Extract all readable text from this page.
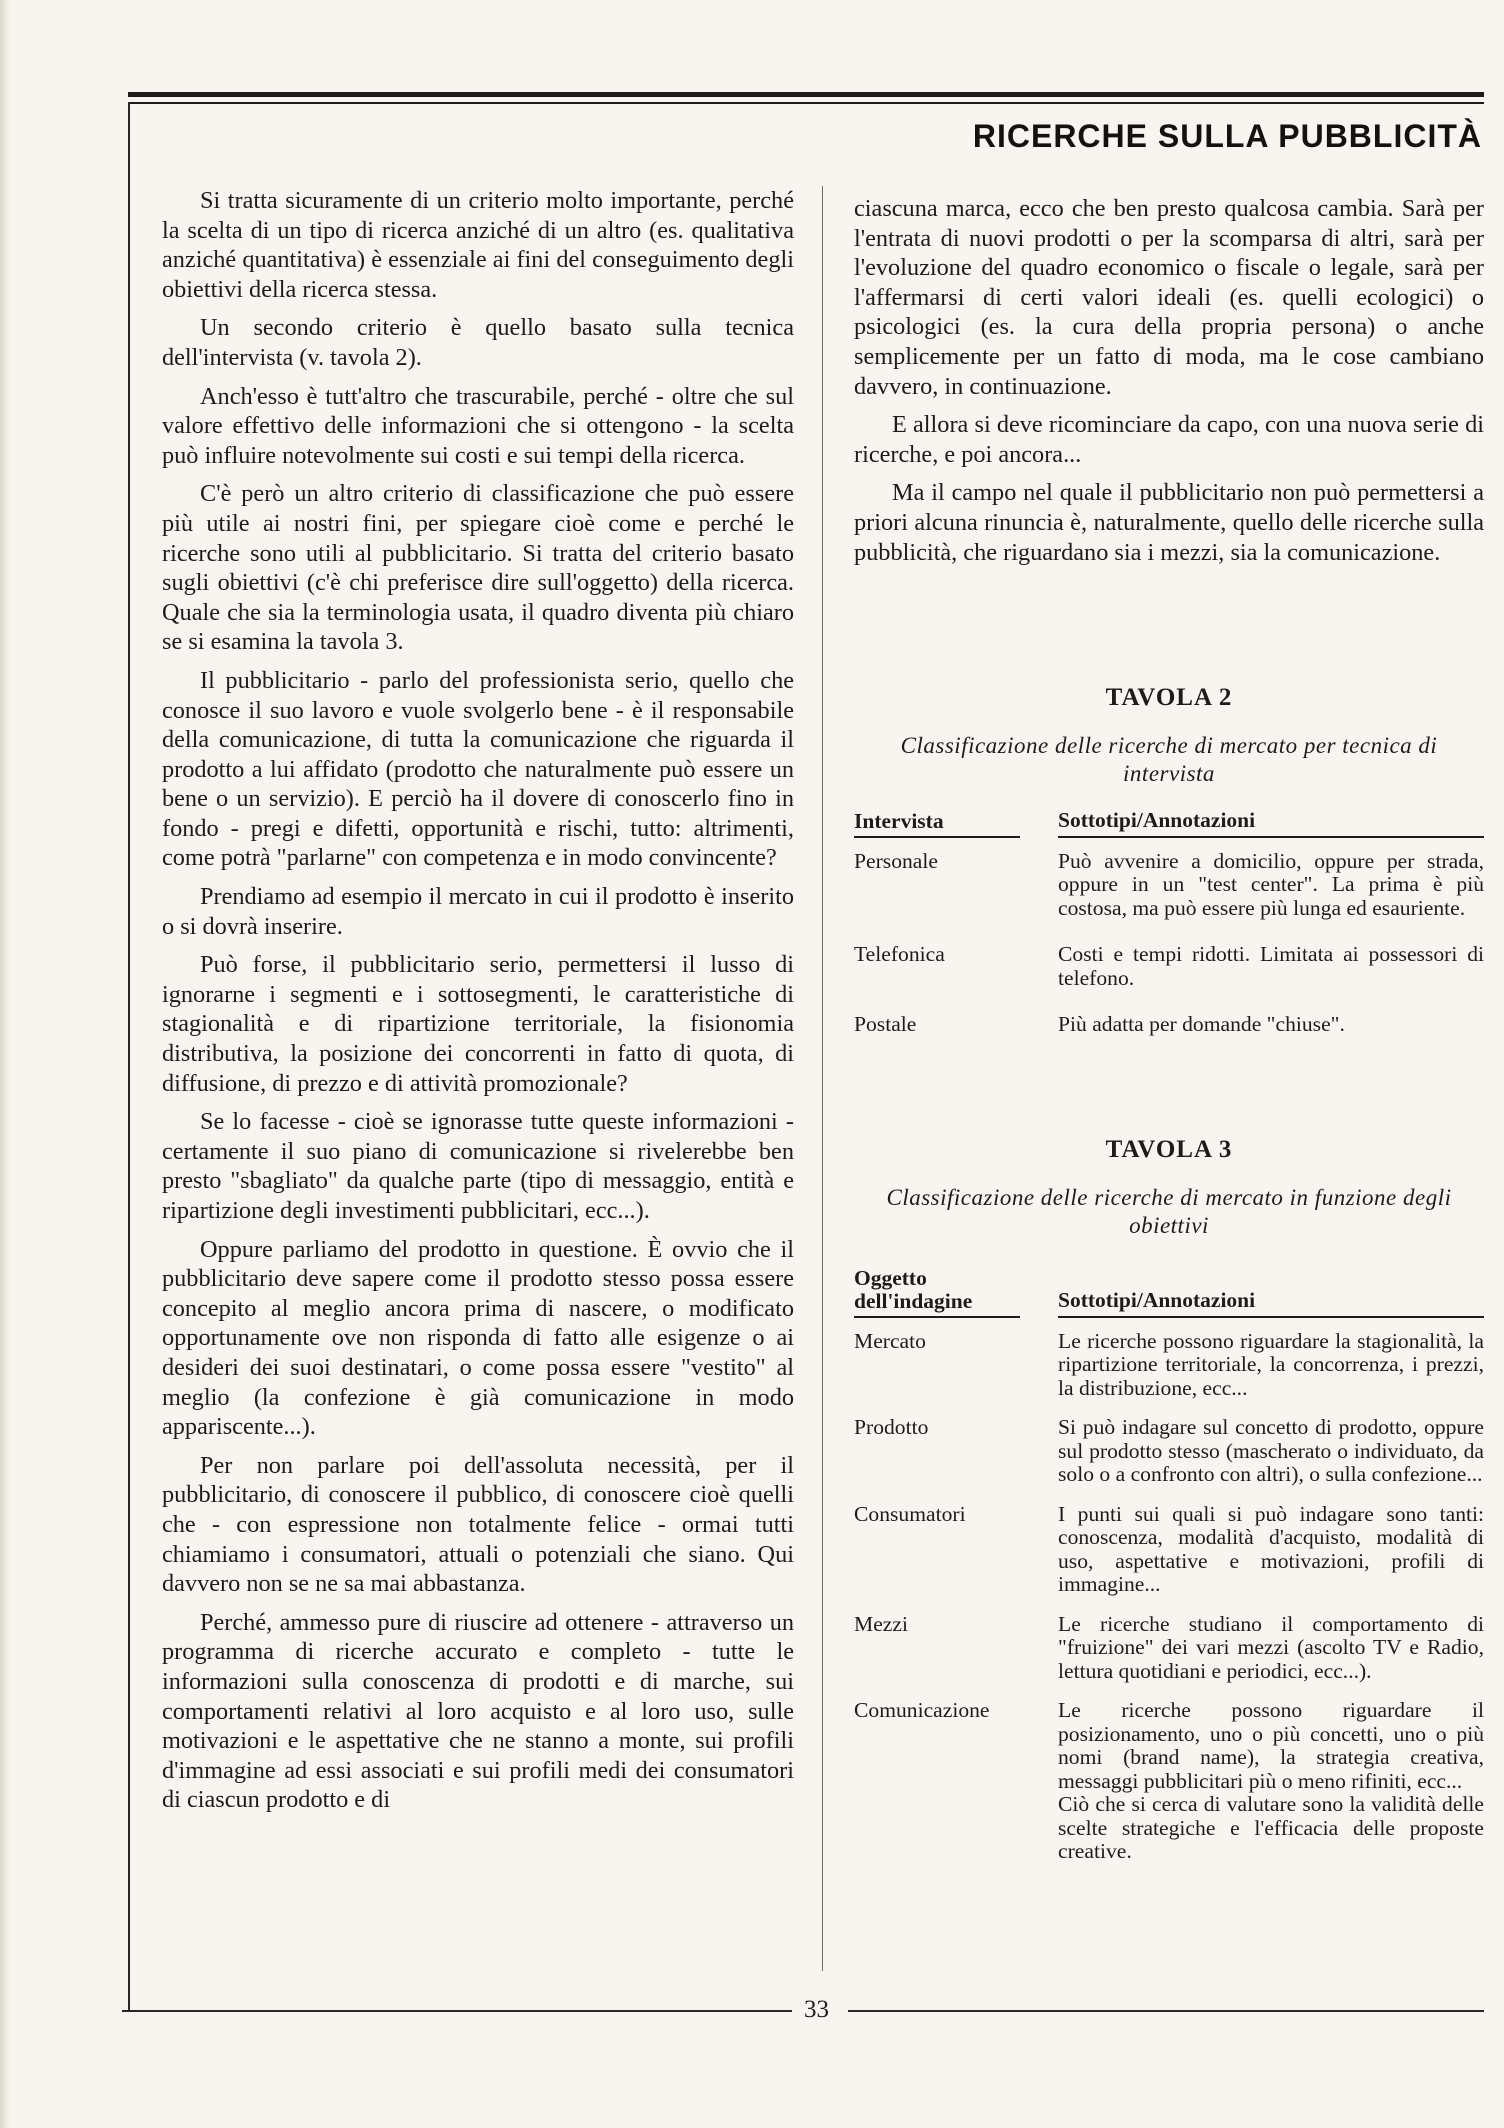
RICERCHE SULLA PUBBLICITÀ

Si tratta sicuramente di un criterio molto importante, perché la scelta di un tipo di ricerca anziché di un altro (es. qualitativa anziché quantitativa) è essenziale ai fini del conseguimento degli obiettivi della ricerca stessa.

Un secondo criterio è quello basato sulla tecnica dell'intervista (v. tavola 2).

Anch'esso è tutt'altro che trascurabile, perché - oltre che sul valore effettivo delle informazioni che si ottengono - la scelta può influire notevolmente sui costi e sui tempi della ricerca.

C'è però un altro criterio di classificazione che può essere più utile ai nostri fini, per spiegare cioè come e perché le ricerche sono utili al pubblicitario. Si tratta del criterio basato sugli obiettivi (c'è chi preferisce dire sull'oggetto) della ricerca. Quale che sia la terminologia usata, il quadro diventa più chiaro se si esamina la tavola 3.

Il pubblicitario - parlo del professionista serio, quello che conosce il suo lavoro e vuole svolgerlo bene - è il responsabile della comunicazione, di tutta la comunicazione che riguarda il prodotto a lui affidato (prodotto che naturalmente può essere un bene o un servizio). E perciò ha il dovere di conoscerlo fino in fondo - pregi e difetti, opportunità e rischi, tutto: altrimenti, come potrà "parlarne" con competenza e in modo convincente?

Prendiamo ad esempio il mercato in cui il prodotto è inserito o si dovrà inserire.

Può forse, il pubblicitario serio, permettersi il lusso di ignorarne i segmenti e i sottosegmenti, le caratteristiche di stagionalità e di ripartizione territoriale, la fisionomia distributiva, la posizione dei concorrenti in fatto di quota, di diffusione, di prezzo e di attività promozionale?

Se lo facesse - cioè se ignorasse tutte queste informazioni - certamente il suo piano di comunicazione si rivelerebbe ben presto "sbagliato" da qualche parte (tipo di messaggio, entità e ripartizione degli investimenti pubblicitari, ecc...).

Oppure parliamo del prodotto in questione. È ovvio che il pubblicitario deve sapere come il prodotto stesso possa essere concepito al meglio ancora prima di nascere, o modificato opportunamente ove non risponda di fatto alle esigenze o ai desideri dei suoi destinatari, o come possa essere "vestito" al meglio (la confezione è già comunicazione in modo appariscente...).

Per non parlare poi dell'assoluta necessità, per il pubblicitario, di conoscere il pubblico, di conoscere cioè quelli che - con espressione non totalmente felice - ormai tutti chiamiamo i consumatori, attuali o potenziali che siano. Qui davvero non se ne sa mai abbastanza.

Perché, ammesso pure di riuscire ad ottenere - attraverso un programma di ricerche accurato e completo - tutte le informazioni sulla conoscenza di prodotti e di marche, sui comportamenti relativi al loro acquisto e al loro uso, sulle motivazioni e le aspettative che ne stanno a monte, sui profili d'immagine ad essi associati e sui profili medi dei consumatori di ciascun prodotto e di

ciascuna marca, ecco che ben presto qualcosa cambia. Sarà per l'entrata di nuovi prodotti o per la scomparsa di altri, sarà per l'evoluzione del quadro economico o fiscale o legale, sarà per l'affermarsi di certi valori ideali (es. quelli ecologici) o psicologici (es. la cura della propria persona) o anche semplicemente per un fatto di moda, ma le cose cambiano davvero, in continuazione.

E allora si deve ricominciare da capo, con una nuova serie di ricerche, e poi ancora...

Ma il campo nel quale il pubblicitario non può permettersi a priori alcuna rinuncia è, naturalmente, quello delle ricerche sulla pubblicità, che riguardano sia i mezzi, sia la comunicazione.

TAVOLA 2

Classificazione delle ricerche di mercato per tecnica di intervista

Intervista	Sottotipi/Annotazioni
Personale	Può avvenire a domicilio, oppure per strada, oppure in un "test center". La prima è più costosa, ma può essere più lunga ed esauriente.
Telefonica	Costi e tempi ridotti. Limitata ai possessori di telefono.
Postale	Più adatta per domande "chiuse".

TAVOLA 3

Classificazione delle ricerche di mercato in funzione degli obiettivi

Oggetto dell'indagine	Sottotipi/Annotazioni
Mercato	Le ricerche possono riguardare la stagionalità, la ripartizione territoriale, la concorrenza, i prezzi, la distribuzione, ecc...
Prodotto	Si può indagare sul concetto di prodotto, oppure sul prodotto stesso (mascherato o individuato, da solo o a confronto con altri), o sulla confezione...
Consumatori	I punti sui quali si può indagare sono tanti: conoscenza, modalità d'acquisto, modalità di uso, aspettative e motivazioni, profili di immagine...
Mezzi	Le ricerche studiano il comportamento di "fruizione" dei vari mezzi (ascolto TV e Radio, lettura quotidiani e periodici, ecc...).
Comunicazione	Le ricerche possono riguardare il posizionamento, uno o più concetti, uno o più nomi (brand name), la strategia creativa, messaggi pubblicitari più o meno rifiniti, ecc...
Ciò che si cerca di valutare sono la validità delle scelte strategiche e l'efficacia delle proposte creative.
33
